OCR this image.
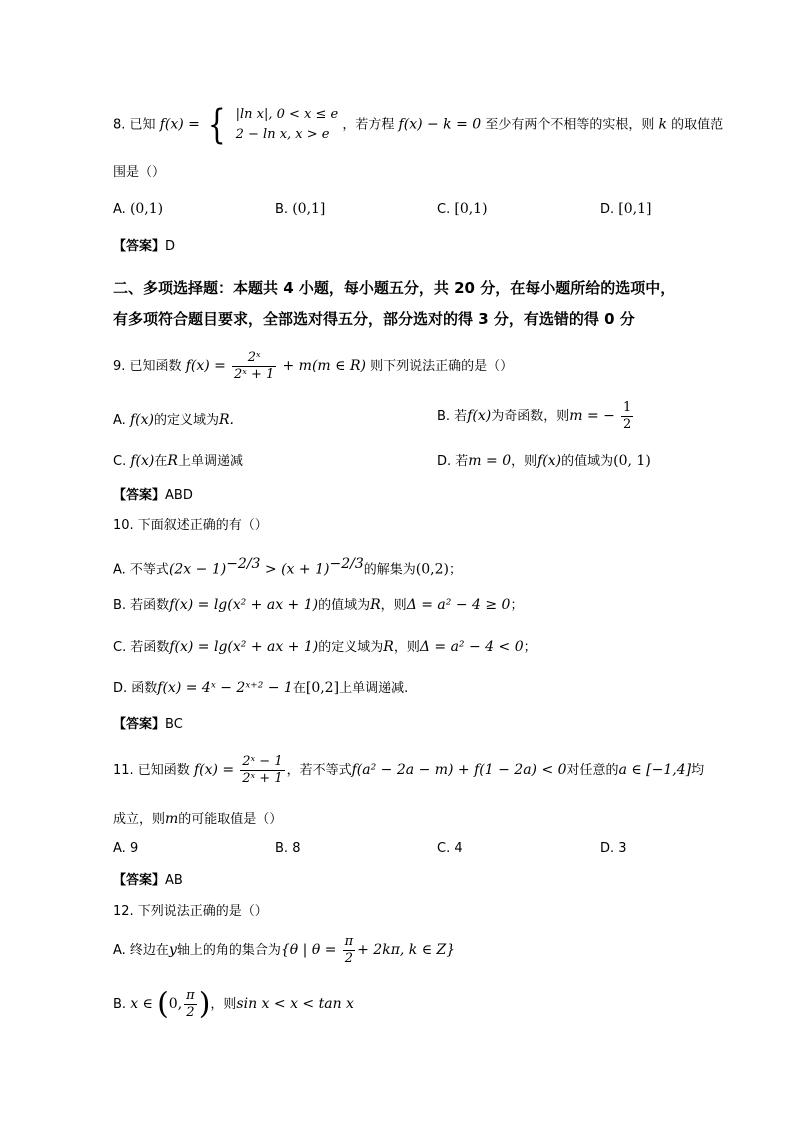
8. 已知 f(x) = { |ln x|, 0 < x ≤ e
2 − ln x, x > e
，若方程 f(x) − k = 0 至少有两个不相等的实根，则 k 的取值范
围是（）
A. (0,1)	B. (0,1]	C. [0,1)	D. [0,1]
【答案】D
二、多项选择题：本题共 4 小题，每小题五分，共 20 分，在每小题所给的选项中，
有多项符合题目要求，全部选对得五分，部分选对的得 3 分，有选错的得 0 分
9. 已知函数 $f(x) = \frac{\text{2ˣ}}{\text{2ˣ + 1}} + m(m$ ∈ R) 则下列说法正确的是（）
A. f(x)的定义域为R.	B. 若f(x)为奇函数，则m = − $\frac{1}{2}$
C. f(x)在R上单调递减	D. 若m = 0，则f(x)的值域为(0, 1)
【答案】ABD
10. 下面叙述正确的有（）
A. 不等式$(2x - 1)^{-2/3} > (x + 1)^{-2/3}$的解集为(0,2)；
B. 若函数f(x) = lg(x² + ax + 1)的值域为R，则Δ = a² − 4 ≥ 0；
C. 若函数f(x) = lg(x² + ax + 1)的定义域为R，则Δ = a² − 4 < 0；
D. 函数f(x) = 4ˣ − 2ˣ⁺² − 1在[0,2]上单调递减.
【答案】BC
11. 已知函数 $f(x) = \frac{\text{2ˣ − 1}}{\text{2ˣ + 1}}$ ，若不等式f(a² − 2a − m) + f(1 − 2a) < 0对任意的a ∈ [−1,4]均
成立，则m的可能取值是（）
A. 9	B. 8	C. 4	D. 3
【答案】AB
12. 下列说法正确的是（）
A. 终边在y轴上的角的集合为{θ | $\theta = \frac{\pi}{2} + 2k\pi$, k ∈ Z}
B. x ∈ (0, $\frac{\pi}{2}$ )，则sin x < x < tan x
